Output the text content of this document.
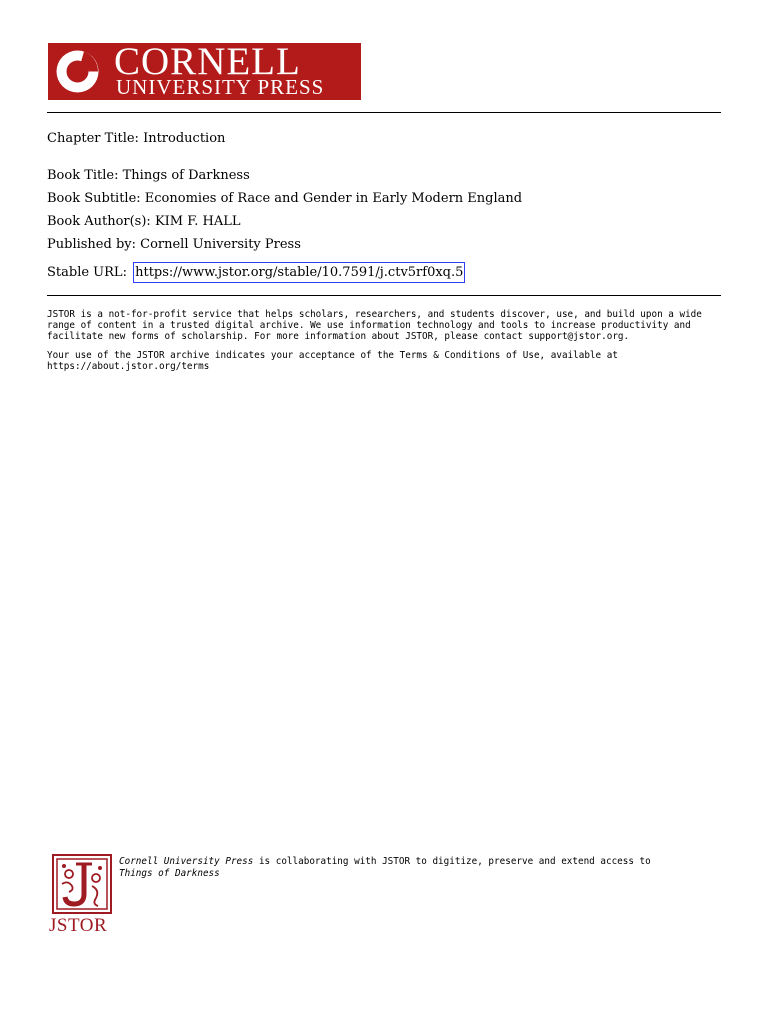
CORNELL
UNIVERSITY PRESS
Chapter Title: Introduction
Book Title: Things of Darkness
Book Subtitle: Economies of Race and Gender in Early Modern England
Book Author(s): KIM F. HALL
Published by: Cornell University Press
Stable URL: https://www.jstor.org/stable/10.7591/j.ctv5rf0xq.5

JSTOR is a not-for-profit service that helps scholars, researchers, and students discover, use, and build upon a wide range of content in a trusted digital archive. We use information technology and tools to increase productivity and facilitate new forms of scholarship. For more information about JSTOR, please contact support@jstor.org.

Your use of the JSTOR archive indicates your acceptance of the Terms & Conditions of Use, available at https://about.jstor.org/terms

JSTOR

Cornell University Press is collaborating with JSTOR to digitize, preserve and extend access to
Things of Darkness
